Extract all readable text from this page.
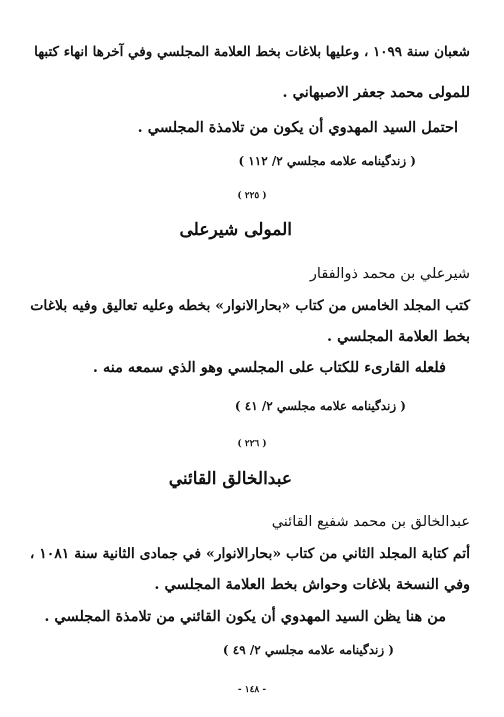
شعبان سنة ١٠٩٩ ، وعليها بلاغات بخط العلامة المجلسي وفي آخرها انهاء كتبها
للمولى محمد جعفر الاصبهاني .
احتمل السيد المهدوي أن يكون من تلامذة المجلسي .
( زندگينامه علامه مجلسي ٢/ ١١٢ )
( ٢٢٥ )
المولى شيرعلى
شيرعلي بن محمد ذوالفقار
كتب المجلد الخامس من كتاب «بحارالانوار» بخطه وعليه تعاليق وفيه بلاغات
بخط العلامة المجلسي .
فلعله القارىء للكتاب على المجلسي وهو الذي سمعه منه .
( زندگينامه علامه مجلسي ٢/ ٤١ )
( ٢٢٦ )
عبدالخالق القائني
عبدالخالق بن محمد شفيع القائني
أتم كتابة المجلد الثاني من كتاب «بحارالانوار» في جمادى الثانية سنة ١٠٨١ ،
وفي النسخة بلاغات وحواش بخط العلامة المجلسي .
من هنا يظن السيد المهدوي أن يكون القائني من تلامذة المجلسي .
( زندگينامه علامه مجلسي ٢/ ٤٩ )
- ١٤٨ -
